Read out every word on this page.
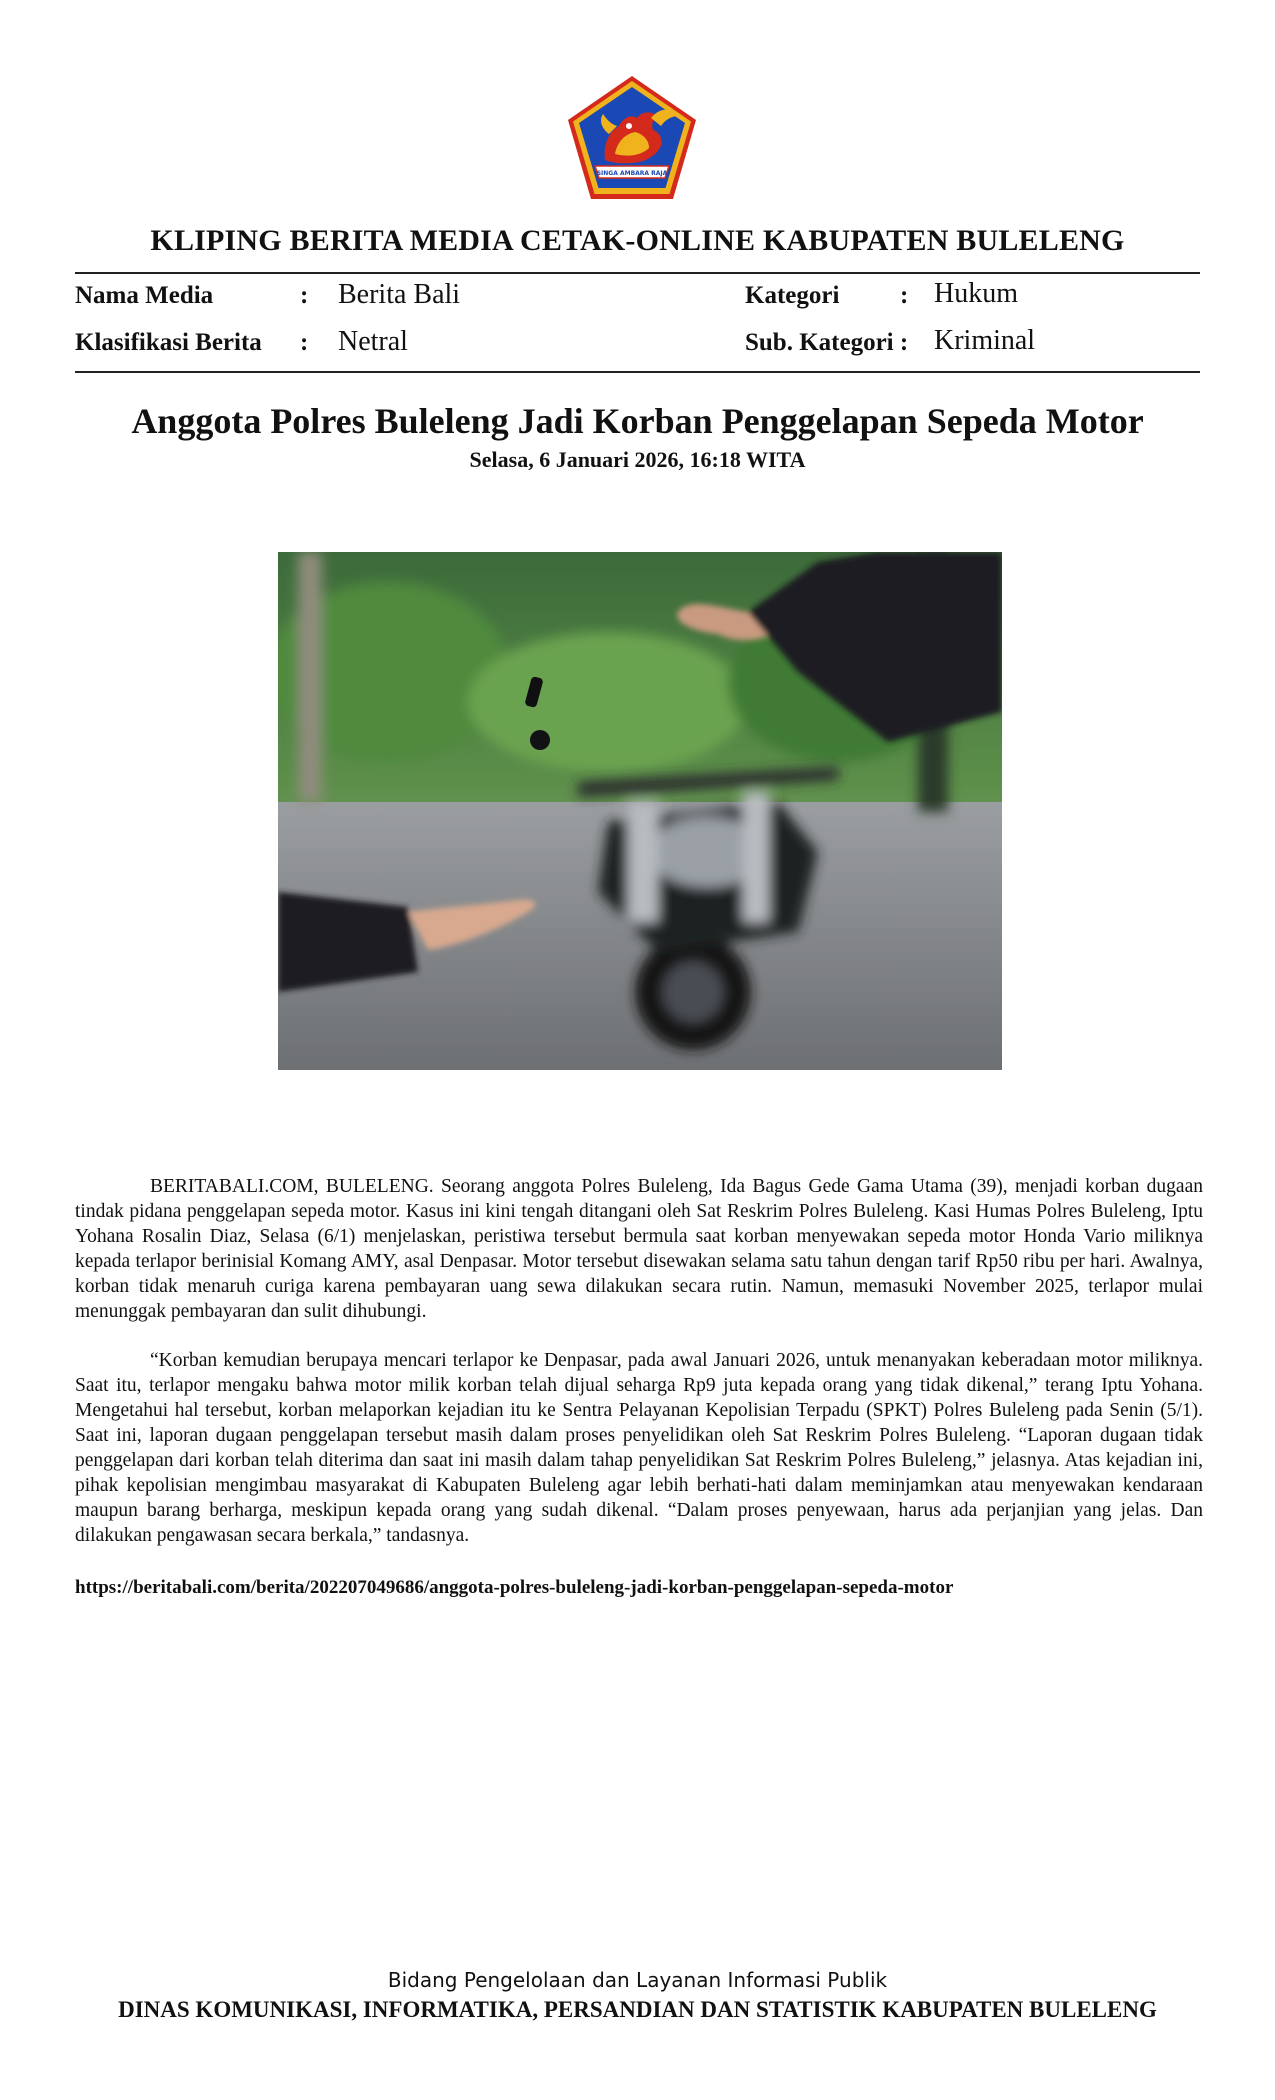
SINGA AMBARA RAJA
KLIPING BERITA MEDIA CETAK-ONLINE KABUPATEN BULELENG
Nama Media	: Berita Bali
Klasifikasi Berita : Netral
Kategori : Hukum
Sub. Kategori : Kriminal
Anggota Polres Buleleng Jadi Korban Penggelapan Sepeda Motor
Selasa, 6 Januari 2026, 16:18 WITA

BERITABALI.COM, BULELENG. Seorang anggota Polres Buleleng, Ida Bagus Gede Gama Utama (39), menjadi korban dugaan tindak pidana penggelapan sepeda motor. Kasus ini kini tengah ditangani oleh Sat Reskrim Polres Buleleng. Kasi Humas Polres Buleleng, Iptu Yohana Rosalin Diaz, Selasa (6/1) menjelaskan, peristiwa tersebut bermula saat korban menyewakan sepeda motor Honda Vario miliknya kepada terlapor berinisial Komang AMY, asal Denpasar. Motor tersebut disewakan selama satu tahun dengan tarif Rp50 ribu per hari. Awalnya, korban tidak menaruh curiga karena pembayaran uang sewa dilakukan secara rutin. Namun, memasuki November 2025, terlapor mulai menunggak pembayaran dan sulit dihubungi.

“Korban kemudian berupaya mencari terlapor ke Denpasar, pada awal Januari 2026, untuk menanyakan keberadaan motor miliknya. Saat itu, terlapor mengaku bahwa motor milik korban telah dijual seharga Rp9 juta kepada orang yang tidak dikenal,” terang Iptu Yohana. Mengetahui hal tersebut, korban melaporkan kejadian itu ke Sentra Pelayanan Kepolisian Terpadu (SPKT) Polres Buleleng pada Senin (5/1). Saat ini, laporan dugaan penggelapan tersebut masih dalam proses penyelidikan oleh Sat Reskrim Polres Buleleng. “Laporan dugaan tidak penggelapan dari korban telah diterima dan saat ini masih dalam tahap penyelidikan Sat Reskrim Polres Buleleng,” jelasnya. Atas kejadian ini, pihak kepolisian mengimbau masyarakat di Kabupaten Buleleng agar lebih berhati-hati dalam meminjamkan atau menyewakan kendaraan maupun barang berharga, meskipun kepada orang yang sudah dikenal. “Dalam proses penyewaan, harus ada perjanjian yang jelas. Dan dilakukan pengawasan secara berkala,” tandasnya.

https://beritabali.com/berita/202207049686/anggota-polres-buleleng-jadi-korban-penggelapan-sepeda-motor
Bidang Pengelolaan dan Layanan Informasi Publik
DINAS KOMUNIKASI, INFORMATIKA, PERSANDIAN DAN STATISTIK KABUPATEN BULELENG
